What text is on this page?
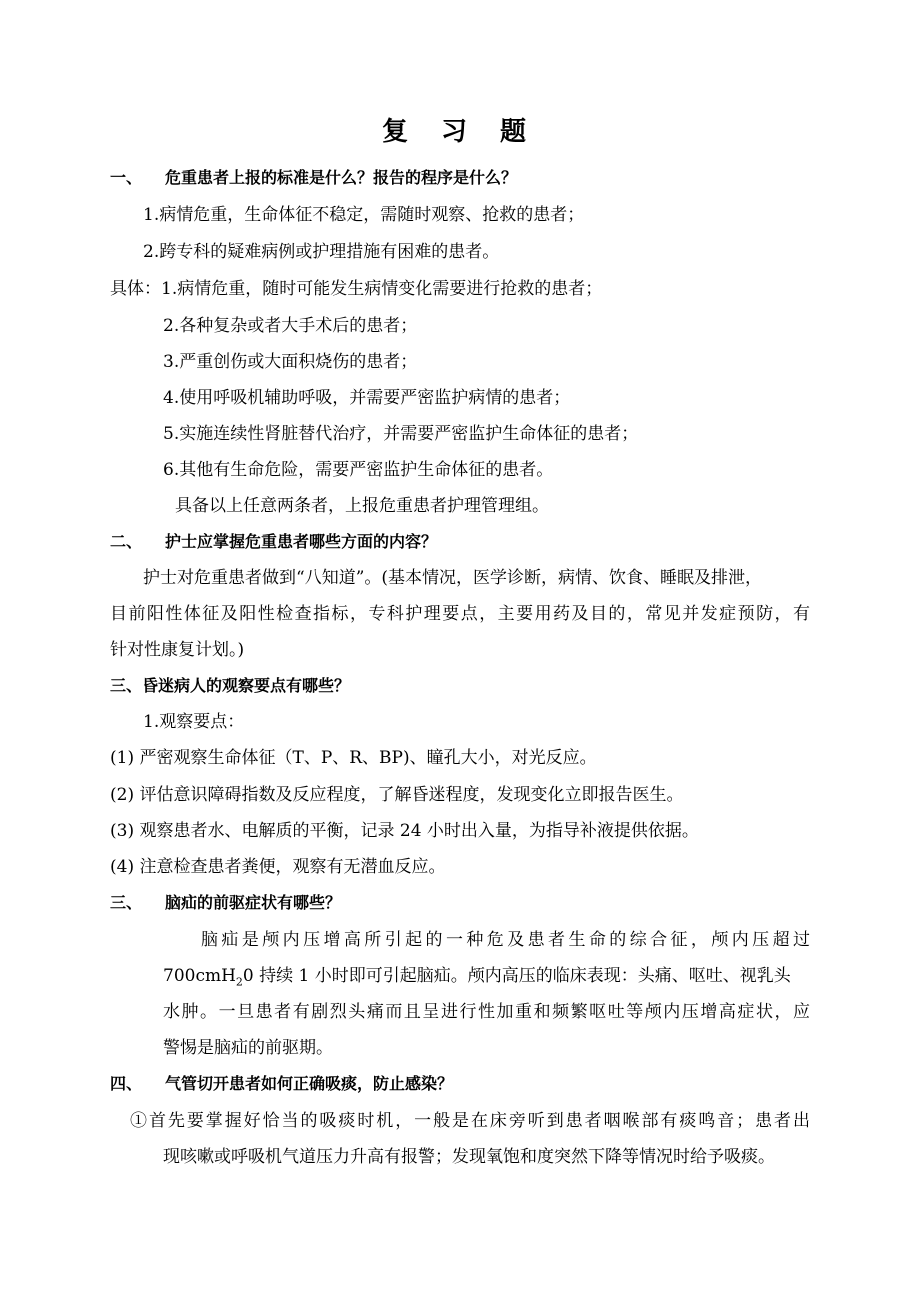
复 习 题
一、 危重患者上报的标准是什么？报告的程序是什么？
1.病情危重，生命体征不稳定，需随时观察、抢救的患者；
2.跨专科的疑难病例或护理措施有困难的患者。
具体：1.病情危重，随时可能发生病情变化需要进行抢救的患者；
2.各种复杂或者大手术后的患者；
3.严重创伤或大面积烧伤的患者；
4.使用呼吸机辅助呼吸，并需要严密监护病情的患者；
5.实施连续性肾脏替代治疗，并需要严密监护生命体征的患者；
6.其他有生命危险，需要严密监护生命体征的患者。
具备以上任意两条者，上报危重患者护理管理组。
二、 护士应掌握危重患者哪些方面的内容？
护士对危重患者做到“八知道”。(基本情况，医学诊断，病情、饮食、睡眠及排泄，
目前阳性体征及阳性检查指标，专科护理要点，主要用药及目的，常见并发症预防，有
针对性康复计划。)
三、昏迷病人的观察要点有哪些？
1.观察要点：
(1) 严密观察生命体征（T、P、R、BP)、瞳孔大小，对光反应。
(2) 评估意识障碍指数及反应程度，了解昏迷程度，发现变化立即报告医生。
(3) 观察患者水、电解质的平衡，记录 24 小时出入量，为指导补液提供依据。
(4) 注意检查患者粪便，观察有无潜血反应。
三、 脑疝的前驱症状有哪些？
脑疝是颅内压增高所引起的一种危及患者生命的综合征，颅内压超过
700cmH$_2$0 持续 1 小时即可引起脑疝。颅内高压的临床表现：头痛、呕吐、视乳头
水肿。一旦患者有剧烈头痛而且呈进行性加重和频繁呕吐等颅内压增高症状，应
警惕是脑疝的前驱期。
四、 气管切开患者如何正确吸痰，防止感染？
①首先要掌握好恰当的吸痰时机，一般是在床旁听到患者咽喉部有痰鸣音；患者出
现咳嗽或呼吸机气道压力升高有报警；发现氧饱和度突然下降等情况时给予吸痰。
